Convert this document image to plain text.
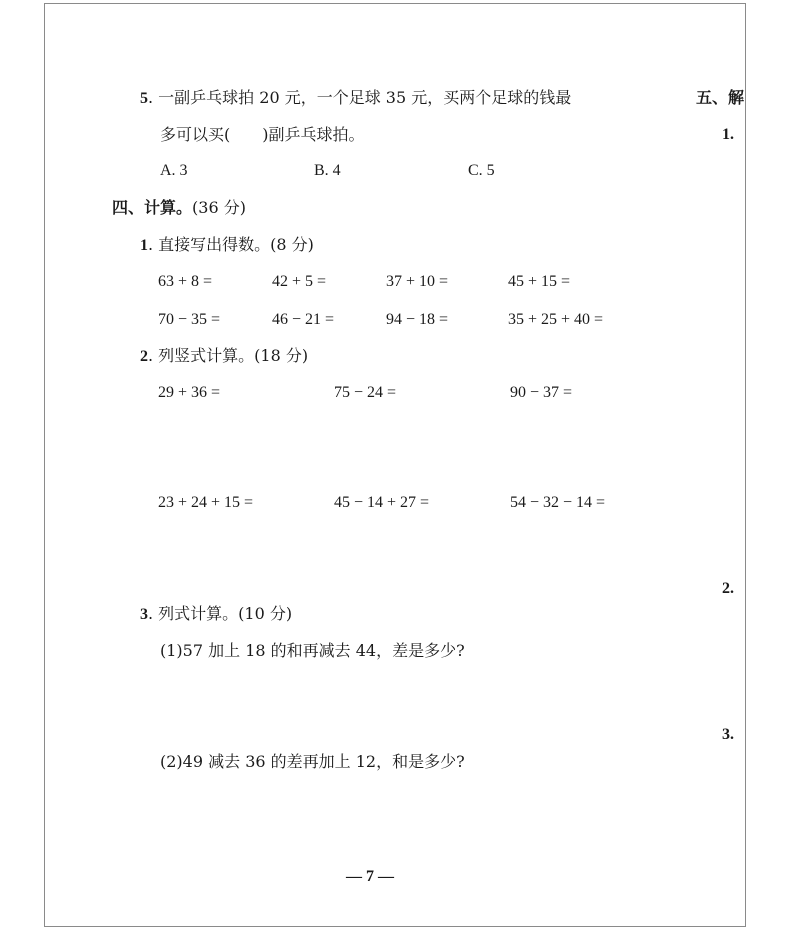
5. 一副乒乓球拍 20 元，一个足球 35 元，买两个足球的钱最
多可以买(　　)副乒乓球拍。
A. 3	B. 4	C. 5
四、计算。(36 分)
1. 直接写出得数。(8 分)
63 + 8 =	42 + 5 =	37 + 10 =	45 + 15 =
70 − 35 =	46 − 21 =	94 − 18 =	35 + 25 + 40 =
2. 列竖式计算。(18 分)
29 + 36 =	75 − 24 =	90 − 37 =
23 + 24 + 15 =	45 − 14 + 27 =	54 − 32 − 14 =
3. 列式计算。(10 分)
(1)57 加上 18 的和再减去 44，差是多少?
(2)49 减去 36 的差再加上 12，和是多少?
五、解
1.
2.
3.
— 7 —
